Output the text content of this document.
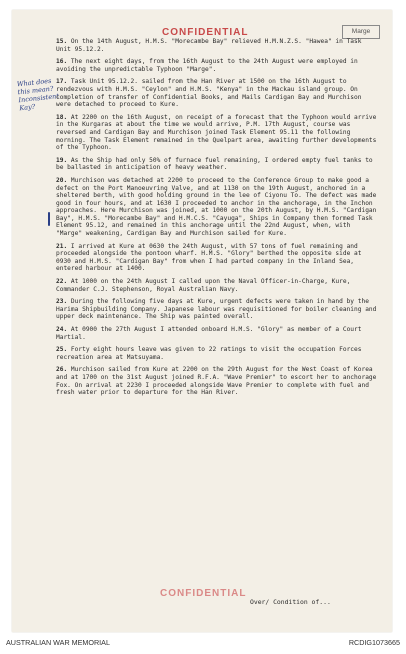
CONFIDENTIAL	Marge
What does this mean? Inconsistent Kay?

15. On the 14th August, H.M.S. "Morecambe Bay" relieved H.M.N.Z.S. "Hawea" in Task Unit 95.12.2.

16. The next eight days, from the 16th August to the 24th August were employed in avoiding the unpredictable Typhoon "Marge".

17. Task Unit 95.12.2. sailed from the Han River at 1500 on the 16th August to rendezvous with H.M.S. "Ceylon" and H.M.S. "Kenya" in the Mackau island group. On completion of transfer of Confidential Books, and Mails Cardigan Bay and Murchison were detached to proceed to Kure.

18. At 2200 on the 16th August, on receipt of a forecast that the Typhoon would arrive in the Kurgaras at about the time we would arrive, P.M. 17th August, course was reversed and Cardigan Bay and Murchison joined Task Element 95.11 the following morning. The Task Element remained in the Quelpart area, awaiting further developments of the Typhoon.

19. As the Ship had only 50% of furnace fuel remaining, I ordered empty fuel tanks to be ballasted in anticipation of heavy weather.

20. Murchison was detached at 2200 to proceed to the Conference Group to make good a defect on the Port Manoeuvring Valve, and at 1130 on the 19th August, anchored in a sheltered berth, with good holding ground in the lee of Ciyonu To. The defect was made good in four hours, and at 1630 I proceeded to anchor in the anchorage, in the Inchon approaches. Here Murchison was joined, at 1000 on the 20th August, by H.M.S. "Cardigan Bay", H.M.S. "Morecambe Bay" and H.M.C.S. "Cayuga", Ships in Company then formed Task Element 95.12, and remained in this anchorage until the 22nd August, when, with "Marge" weakening, Cardigan Bay and Murchison sailed for Kure.

21. I arrived at Kure at 0630 the 24th August, with 57 tons of fuel remaining and proceeded alongside the pontoon wharf. H.M.S. "Glory" berthed the opposite side at 0930 and H.M.S. "Cardigan Bay" from when I had parted company in the Inland Sea, entered harbour at 1400.

22. At 1000 on the 24th August I called upon the Naval Officer-in-Charge, Kure, Commander C.J. Stephenson, Royal Australian Navy.

23. During the following five days at Kure, urgent defects were taken in hand by the Harima Shipbuilding Company. Japanese labour was requisitioned for boiler cleaning and upper deck maintenance. The Ship was painted overall.

24. At 0900 the 27th August I attended onboard H.M.S. "Glory" as member of a Court Martial.

25. Forty eight hours leave was given to 22 ratings to visit the occupation Forces recreation area at Matsuyama.

26. Murchison sailed from Kure at 2200 on the 29th August for the West Coast of Korea and at 1700 on the 31st August joined R.F.A. "Wave Premier" to escort her to anchorage Fox. On arrival at 2230 I proceeded alongside Wave Premier to complete with fuel and fresh water prior to departure for the Han River.

CONFIDENTIAL
Over/ Condition of...
AUSTRALIAN WAR MEMORIAL	RCDIG1073665
